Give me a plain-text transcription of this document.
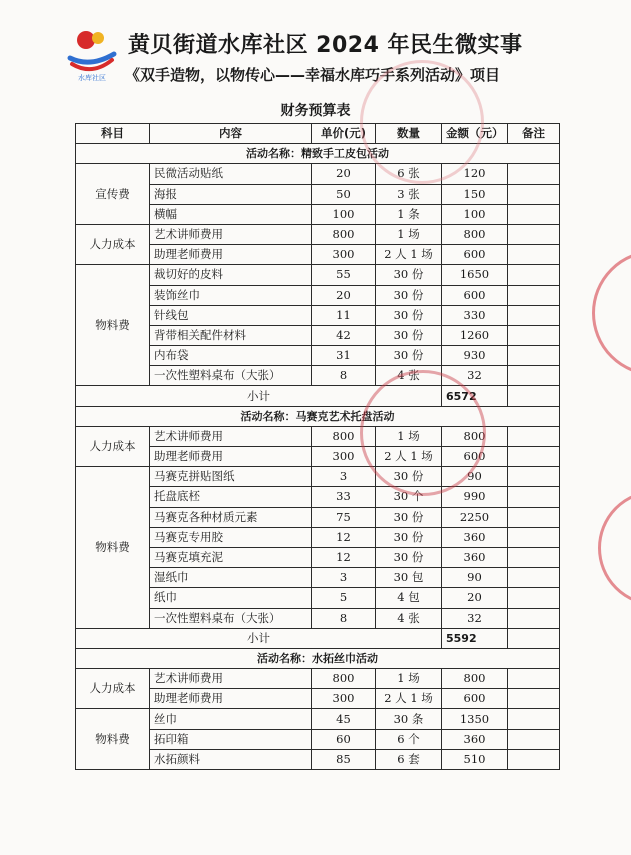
水库社区
黄贝街道水库社区 2024 年民生微实事
《双手造物，以物传心——幸福水库巧手系列活动》项目
财务预算表
科目	内容	单价(元)	数量	金额（元）	备注
活动名称：精致手工皮包活动					
宣传费	民微活动贴纸	20	6 张	120	
	海报	50	3 张	150	
	横幅	100	1 条	100	
人力成本	艺术讲师费用	800	1 场	800	
	助理老师费用	300	2 人 1 场	600	
物料费	裁切好的皮料	55	30 份	1650	
	装饰丝巾	20	30 份	600	
	针线包	11	30 份	330	
	背带相关配件材料	42	30 份	1260	
	内布袋	31	30 份	930	
	一次性塑料桌布（大张）	8	4 张	32	
小计				6572	
活动名称：马赛克艺术托盘活动					
人力成本	艺术讲师费用	800	1 场	800	
	助理老师费用	300	2 人 1 场	600	
物料费	马赛克拼贴图纸	3	30 份	90	
	托盘底柸	33	30 个	990	
	马赛克各种材质元素	75	30 份	2250	
	马赛克专用胶	12	30 份	360	
	马赛克填充泥	12	30 份	360	
	湿纸巾	3	30 包	90	
	纸巾	5	4 包	20	
	一次性塑料桌布（大张）	8	4 张	32	
小计				5592	
活动名称：水拓丝巾活动					
人力成本	艺术讲师费用	800	1 场	800	
	助理老师费用	300	2 人 1 场	600	
物料费	丝巾	45	30 条	1350	
	拓印箱	60	6 个	360	
	水拓颜料	85	6 套	510	
